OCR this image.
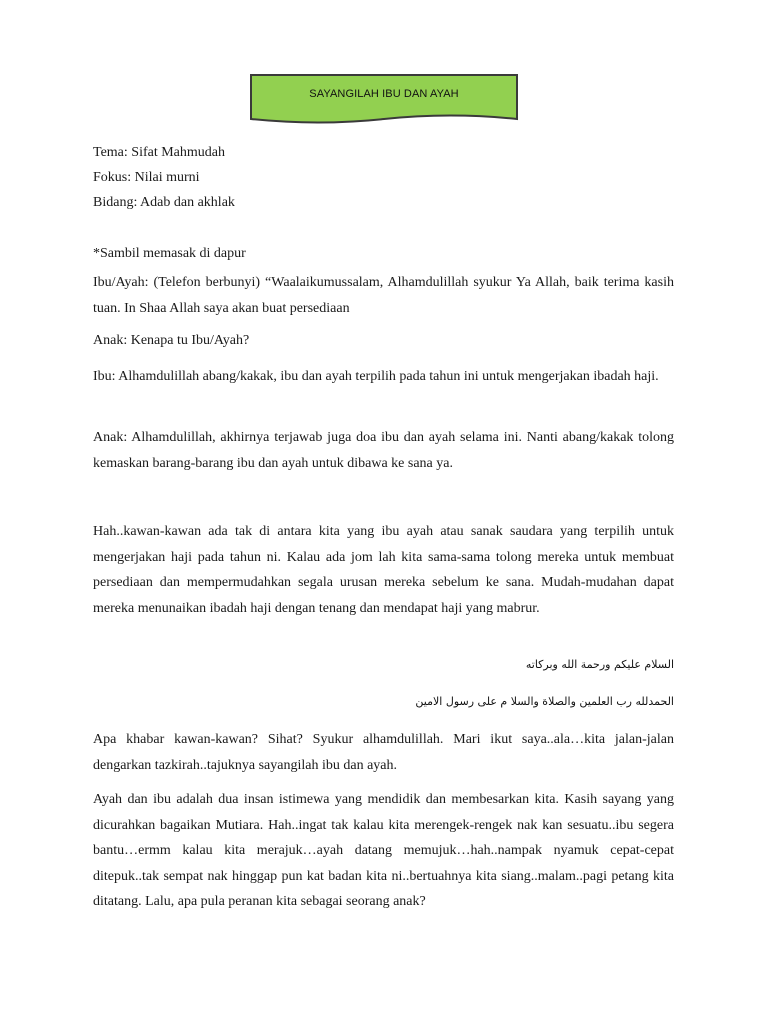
SAYANGILAH IBU DAN AYAH
Tema: Sifat Mahmudah
Fokus: Nilai murni
Bidang: Adab dan akhlak

*Sambil memasak di dapur

Ibu/Ayah: (Telefon berbunyi) “Waalaikumussalam, Alhamdulillah syukur Ya Allah, baik terima kasih tuan. In Shaa Allah saya akan buat persediaan

Anak: Kenapa tu Ibu/Ayah?

Ibu: Alhamdulillah abang/kakak, ibu dan ayah terpilih pada tahun ini untuk mengerjakan ibadah haji.

Anak: Alhamdulillah, akhirnya terjawab juga doa ibu dan ayah selama ini. Nanti abang/kakak tolong kemaskan barang-barang ibu dan ayah untuk dibawa ke sana ya.

Hah..kawan-kawan ada tak di antara kita yang ibu ayah atau sanak saudara yang terpilih untuk mengerjakan haji pada tahun ni. Kalau ada jom lah kita sama-sama tolong mereka untuk membuat persediaan dan mempermudahkan segala urusan mereka sebelum ke sana. Mudah-mudahan dapat mereka menunaikan ibadah haji dengan tenang dan mendapat haji yang mabrur.

السلام عليكم ورحمة الله وبركاته
الحمدلله رب العلمين والصلاة والسلا م على رسول الامين

Apa khabar kawan-kawan? Sihat? Syukur alhamdulillah. Mari ikut saya..ala…kita jalan-jalan dengarkan tazkirah..tajuknya sayangilah ibu dan ayah.

Ayah dan ibu adalah dua insan istimewa yang mendidik dan membesarkan kita. Kasih sayang yang dicurahkan bagaikan Mutiara. Hah..ingat tak kalau kita merengek-rengek nak kan sesuatu..ibu segera bantu…ermm kalau kita merajuk…ayah datang memujuk…hah..nampak nyamuk cepat-cepat ditepuk..tak sempat nak hinggap pun kat badan kita ni..bertuahnya kita siang..malam..pagi petang kita ditatang. Lalu, apa pula peranan kita sebagai seorang anak?
